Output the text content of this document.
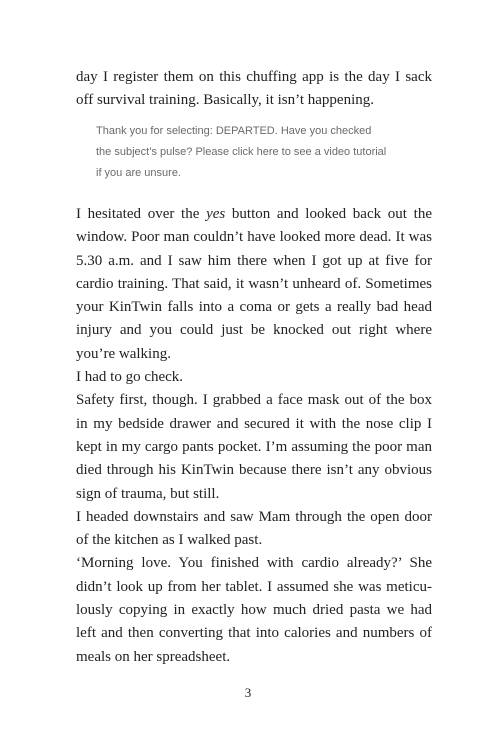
day I register them on this chuffing app is the day I sack off survival training. Basically, it isn’t happening.

Thank you for selecting: DEPARTED. Have you checked

the subject’s pulse? Please click here to see a video tutorial

if you are unsure.

I hesitated over the yes button and looked back out the window. Poor man couldn’t have looked more dead. It was 5.30 a.m. and I saw him there when I got up at five for cardio training. That said, it wasn’t unheard of. Sometimes your KinTwin falls into a coma or gets a really bad head injury and you could just be knocked out right where you’re walking.

I had to go check.

Safety first, though. I grabbed a face mask out of the box in my bedside drawer and secured it with the nose clip I kept in my cargo pants pocket. I’m assuming the poor man died through his KinTwin because there isn’t any obvious sign of trauma, but still.

I headed downstairs and saw Mam through the open door of the kitchen as I walked past.

‘Morning love. You finished with cardio already?’ She didn’t look up from her tablet. I assumed she was meticulously copying in exactly how much dried pasta we had left and then converting that into calories and numbers of meals on her spreadsheet.

3
